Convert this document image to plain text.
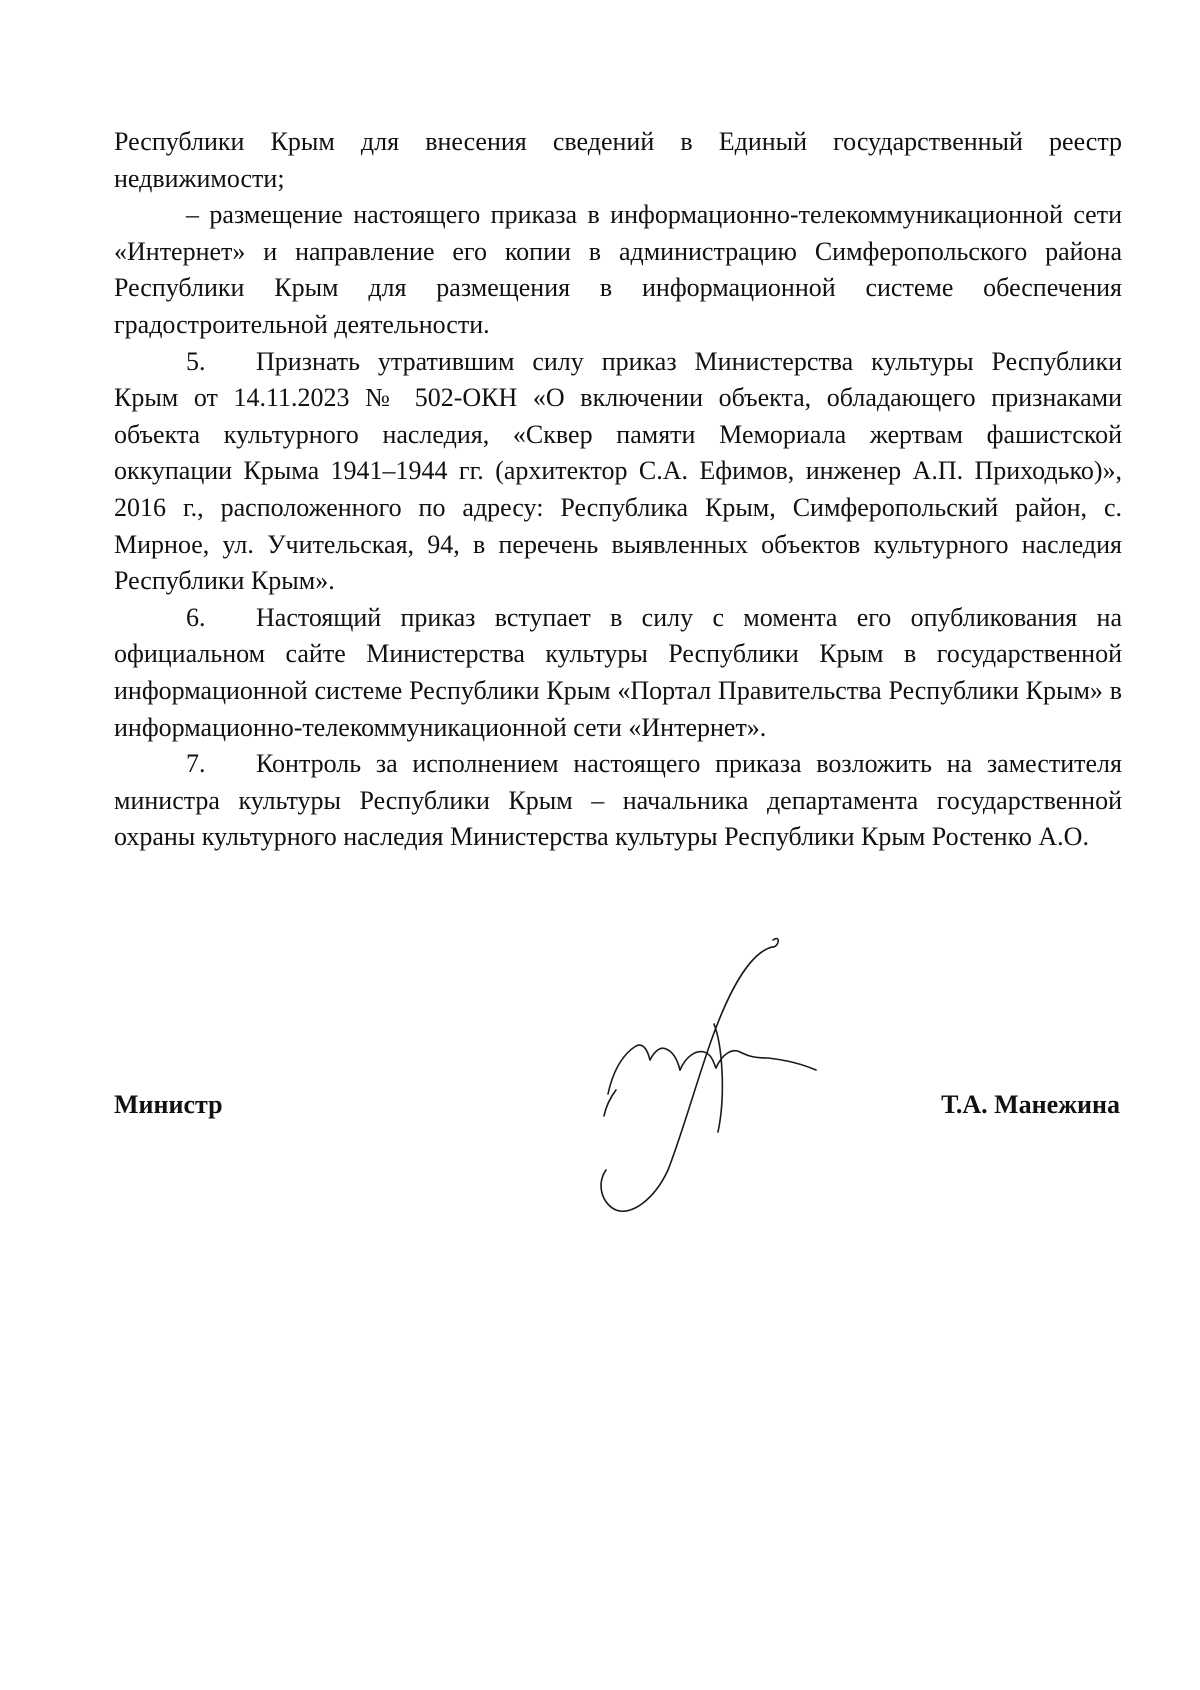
Республики Крым для внесения сведений в Единый государственный реестр недвижимости;

– размещение настоящего приказа в информационно-телекоммуникационной сети «Интернет» и направление его копии в администрацию Симферопольского района Республики Крым для размещения в информационной системе обеспечения градостроительной деятельности.

5. Признать утратившим силу приказ Министерства культуры Республики Крым от 14.11.2023 № 502-ОКН «О включении объекта, обладающего признаками объекта культурного наследия, «Сквер памяти Мемориала жертвам фашистской оккупации Крыма 1941–1944 гг. (архитектор С.А. Ефимов, инженер А.П. Приходько)», 2016 г., расположенного по адресу: Республика Крым, Симферопольский район, с. Мирное, ул. Учительская, 94, в перечень выявленных объектов культурного наследия Республики Крым».

6. Настоящий приказ вступает в силу с момента его опубликования на официальном сайте Министерства культуры Республики Крым в государственной информационной системе Республики Крым «Портал Правительства Республики Крым» в информационно-телекоммуникационной сети «Интернет».

7. Контроль за исполнением настоящего приказа возложить на заместителя министра культуры Республики Крым – начальника департамента государственной охраны культурного наследия Министерства культуры Республики Крым Ростенко А.О.

Министр	Т.А. Манежина
